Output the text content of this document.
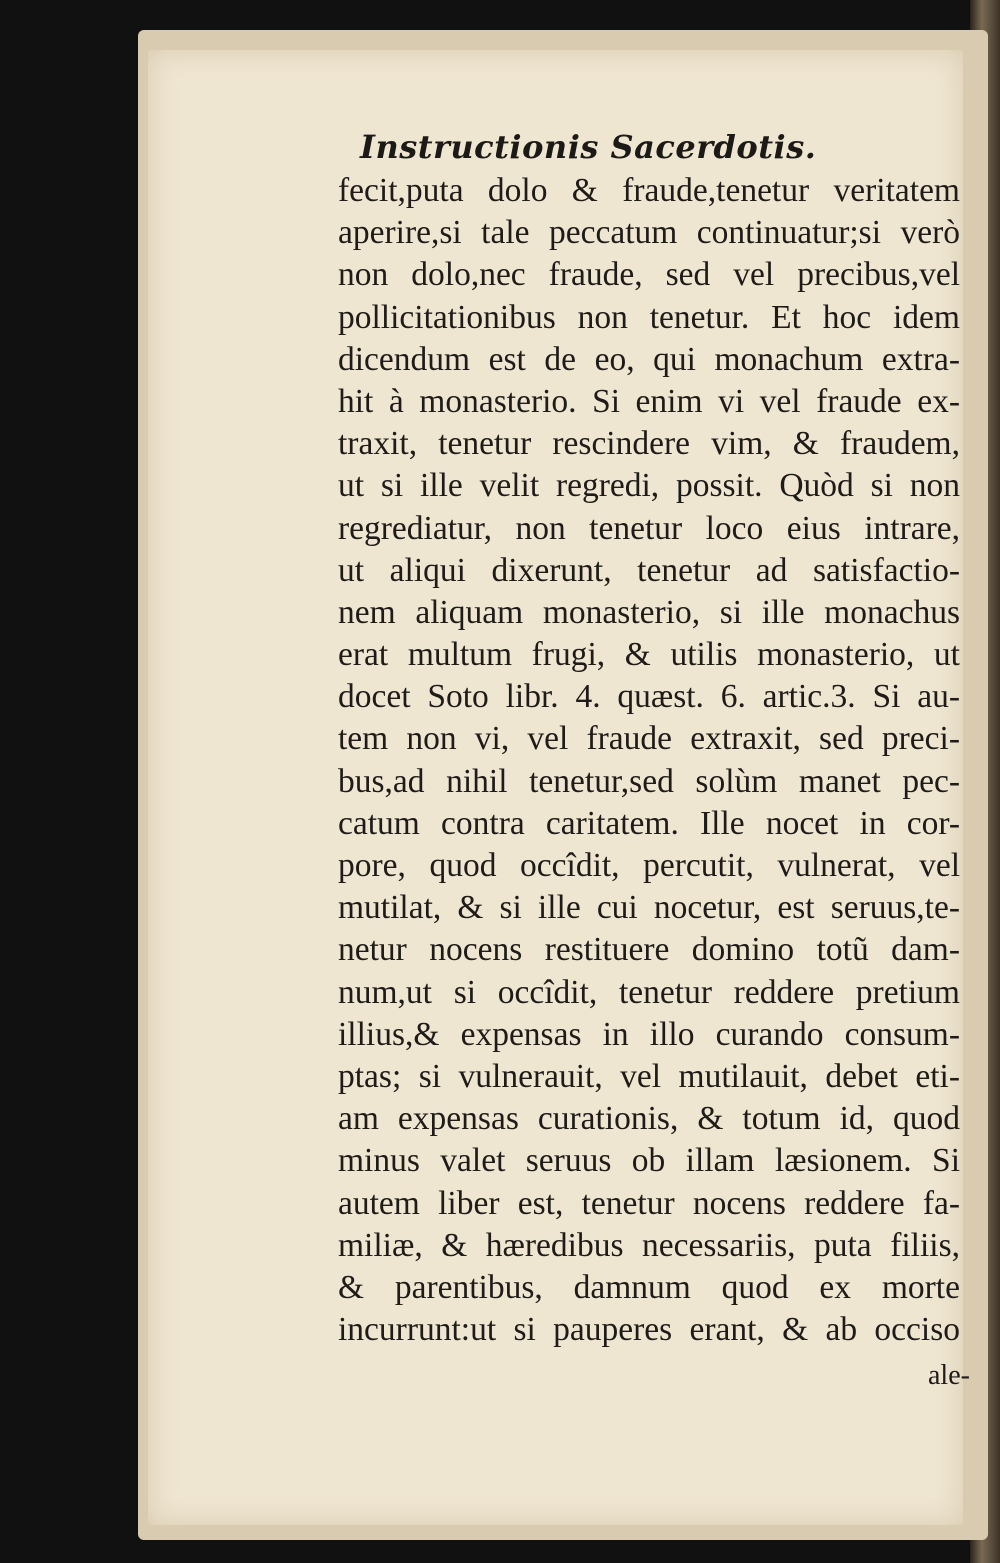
Instructionis Sacerdotis.
fecit,puta dolo & fraude,tenetur veritatem
aperire,si tale peccatum continuatur;si verò
non dolo,nec fraude, sed vel precibus,vel
pollicitationibus non tenetur. Et hoc idem
dicendum est de eo, qui monachum extra-
hit à monasterio. Si enim vi vel fraude ex-
traxit, tenetur rescindere vim, & fraudem,
ut si ille velit regredi, possit. Quòd si non
regrediatur, non tenetur loco eius intrare,
ut aliqui dixerunt, tenetur ad satisfactio-
nem aliquam monasterio, si ille monachus
erat multum frugi, & utilis monasterio, ut
docet Soto libr. 4. quæst. 6. artic.3. Si au-
tem non vi, vel fraude extraxit, sed preci-
bus,ad nihil tenetur,sed solùm manet pec-
catum contra caritatem. Ille nocet in cor-
pore, quod occîdit, percutit, vulnerat, vel
mutilat, & si ille cui nocetur, est seruus,te-
netur nocens restituere domino totũ dam-
num,ut si occîdit, tenetur reddere pretium
illius,& expensas in illo curando consum-
ptas; si vulnerauit, vel mutilauit, debet eti-
am expensas curationis, & totum id, quod
minus valet seruus ob illam læsionem. Si
autem liber est, tenetur nocens reddere fa-
miliæ, & hæredibus necessariis, puta filiis,
& parentibus, damnum quod ex morte
incurrunt:ut si pauperes erant, & ab occiso
ale-
